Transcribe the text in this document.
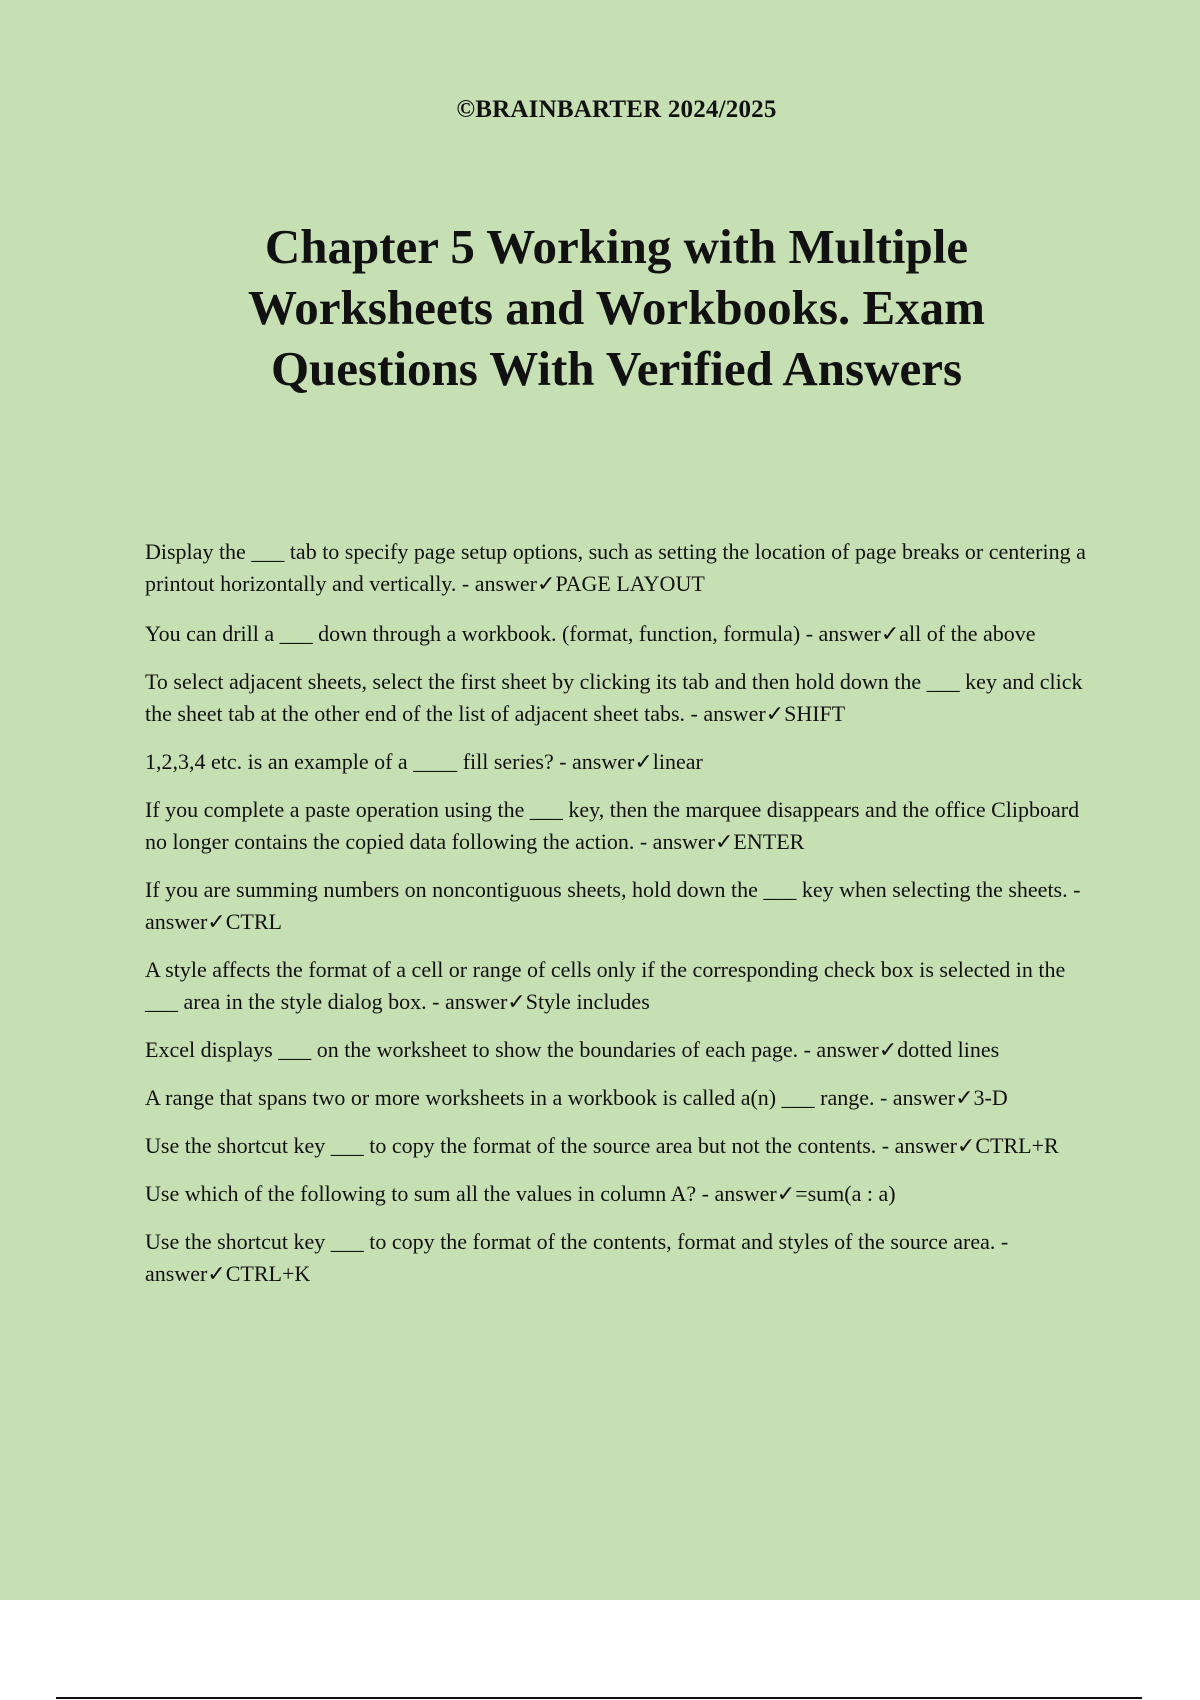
©BRAINBARTER 2024/2025
Chapter 5 Working with Multiple Worksheets and Workbooks. Exam Questions With Verified Answers

Display the ___ tab to specify page setup options, such as setting the location of page breaks or centering a printout horizontally and vertically. - answer✓PAGE LAYOUT

You can drill a ___ down through a workbook. (format, function, formula) - answer✓all of the above

To select adjacent sheets, select the first sheet by clicking its tab and then hold down the ___ key and click the sheet tab at the other end of the list of adjacent sheet tabs. - answer✓SHIFT

1,2,3,4 etc. is an example of a ____ fill series? - answer✓linear

If you complete a paste operation using the ___ key, then the marquee disappears and the office Clipboard no longer contains the copied data following the action. - answer✓ENTER

If you are summing numbers on noncontiguous sheets, hold down the ___ key when selecting the sheets. - answer✓CTRL

A style affects the format of a cell or range of cells only if the corresponding check box is selected in the ___ area in the style dialog box. - answer✓Style includes

Excel displays ___ on the worksheet to show the boundaries of each page. - answer✓dotted lines

A range that spans two or more worksheets in a workbook is called a(n) ___ range. - answer✓3-D

Use the shortcut key ___ to copy the format of the source area but not the contents. - answer✓CTRL+R

Use which of the following to sum all the values in column A? - answer✓=sum(a : a)

Use the shortcut key ___ to copy the format of the contents, format and styles of the source area. - answer✓CTRL+K
